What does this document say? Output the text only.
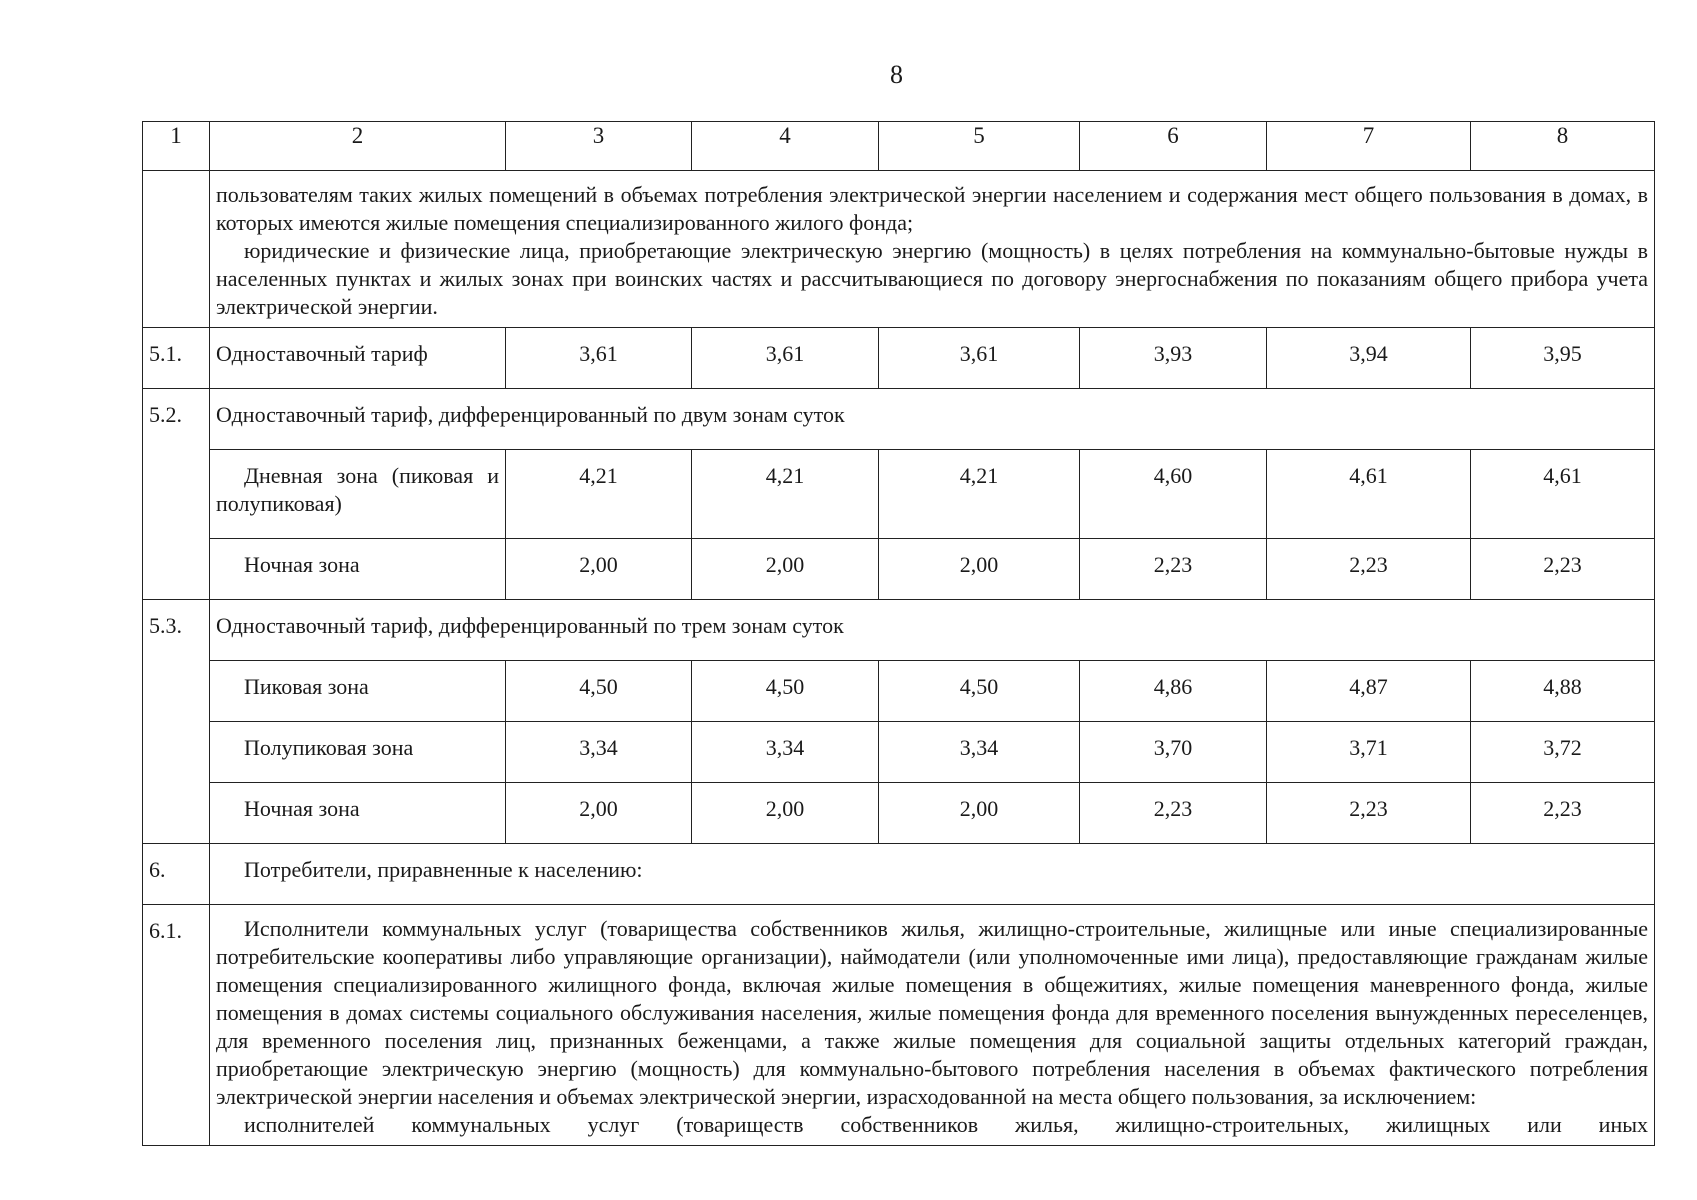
8
1	2	3	4	5	6	7	8

	пользователям таких жилых помещений в объемах потребления электрической энергии населением и содержания мест общего пользования в домах, в которых имеются жилые помещения специализированного жилого фонда;

юридические и физические лица, приобретающие электрическую энергию (мощность) в целях потребления на коммунально-бытовые нужды в населенных пунктах и жилых зонах при воинских частях и рассчитывающиеся по договору энергоснабжения по показаниям общего прибора учета электрической энергии.						

5.1.	Одноставочный тариф	3,61	3,61	3,61	3,93	3,94	3,95
5.2.	Одноставочный тариф, дифференцированный по двум зонам суток						
	Дневная зона (пиковая и полупиковая)	4,21	4,21	4,21	4,60	4,61	4,61
	Ночная зона	2,00	2,00	2,00	2,23	2,23	2,23
5.3.	Одноставочный тариф, дифференцированный по трем зонам суток						
	Пиковая зона	4,50	4,50	4,50	4,86	4,87	4,88
	Полупиковая зона	3,34	3,34	3,34	3,70	3,71	3,72
	Ночная зона	2,00	2,00	2,00	2,23	2,23	2,23
6.	Потребители, приравненные к населению:						
6.1.	Исполнители коммунальных услуг (товарищества собственников жилья, жилищно-строительные, жилищные или иные специализированные потребительские кооперативы либо управляющие организации), наймодатели (или уполномоченные ими лица), предоставляющие гражданам жилые помещения специализированного жилищного фонда, включая жилые помещения в общежитиях, жилые помещения маневренного фонда, жилые помещения в домах системы социального обслуживания населения, жилые помещения фонда для временного поселения вынужденных переселенцев, для временного поселения лиц, признанных беженцами, а также жилые помещения для социальной защиты отдельных категорий граждан, приобретающие электрическую энергию (мощность) для коммунально-бытового потребления населения в объемах фактического потребления электрической энергии населения и объемах электрической энергии, израсходованной на места общего пользования, за исключением:

исполнителей коммунальных услуг (товариществ собственников жилья, жилищно-строительных, жилищных или иных						
